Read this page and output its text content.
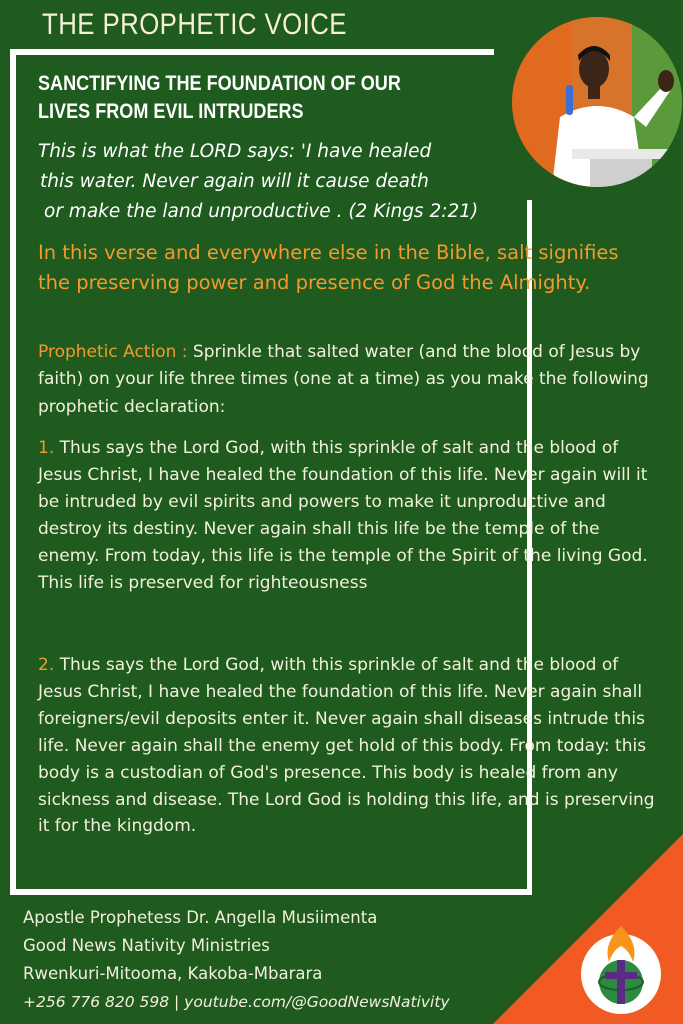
THE PROPHETIC VOICE
SANCTIFYING THE FOUNDATION OF OUR LIVES FROM EVIL INTRUDERS
This is what the LORD says: 'I have healed
this water. Never again will it cause death
or make the land unproductive . (2 Kings 2:21)
In this verse and everywhere else in the Bible, salt signifies the preserving power and presence of God the Almighty.
Prophetic Action : Sprinkle that salted water (and the blood of Jesus by faith) on your life three times (one at a time) as you make the following prophetic declaration:
1. Thus says the Lord God, with this sprinkle of salt and the blood of Jesus Christ, I have healed the foundation of this life. Never again will it be intruded by evil spirits and powers to make it unproductive and destroy its destiny. Never again shall this life be the temple of the enemy. From today, this life is the temple of the Spirit of the living God. This life is preserved for righteousness
2. Thus says the Lord God, with this sprinkle of salt and the blood of Jesus Christ, I have healed the foundation of this life. Never again shall foreigners/evil deposits enter it. Never again shall diseases intrude this life. Never again shall the enemy get hold of this body. From today: this body is a custodian of God's presence. This body is healed from any sickness and disease. The Lord God is holding this life, and is preserving it for the kingdom.
Apostle Prophetess Dr. Angella Musiimenta
Good News Nativity Ministries
Rwenkuri-Mitooma, Kakoba-Mbarara
+256 776 820 598 | youtube.com/@GoodNewsNativity
